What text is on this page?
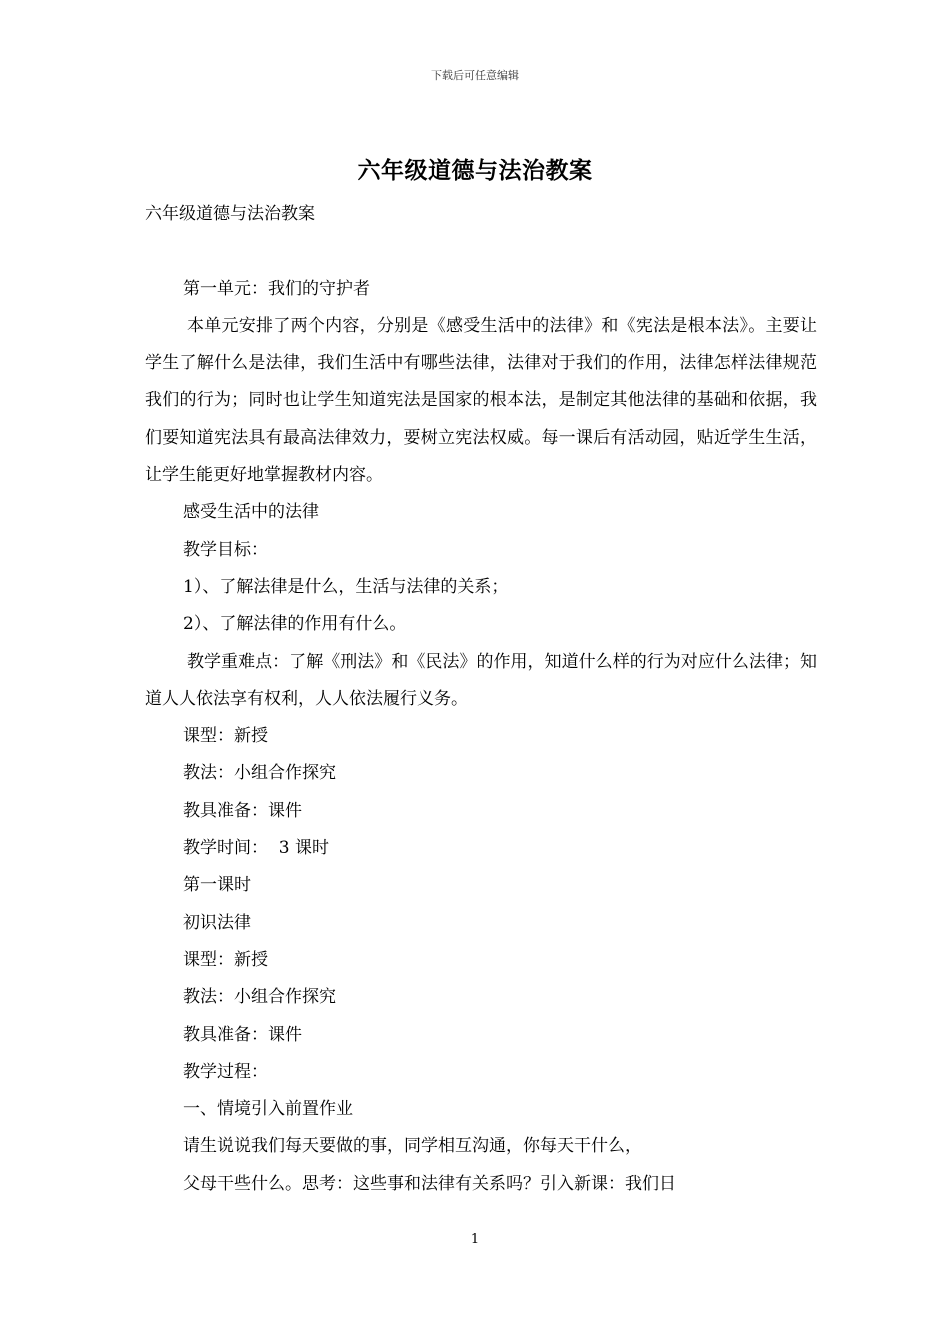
下载后可任意编辑
六年级道德与法治教案
六年级道德与法治教案
第一单元：我们的守护者
本单元安排了两个内容，分别是《感受生活中的法律》和《宪法是根本法》。主要让学生了解什么是法律，我们生活中有哪些法律，法律对于我们的作用，法律怎样法律规范我们的行为；同时也让学生知道宪法是国家的根本法，是制定其他法律的基础和依据，我们要知道宪法具有最高法律效力，要树立宪法权威。每一课后有活动园，贴近学生生活，让学生能更好地掌握教材内容。
感受生活中的法律
教学目标：
1）、了解法律是什么，生活与法律的关系；
2）、了解法律的作用有什么。
教学重难点：了解《刑法》和《民法》的作用，知道什么样的行为对应什么法律；知道人人依法享有权利，人人依法履行义务。
课型：新授
教法：小组合作探究
教具准备：课件
教学时间：  3 课时
第一课时
初识法律
课型：新授
教法：小组合作探究
教具准备：课件
教学过程：
一、情境引入前置作业
请生说说我们每天要做的事，同学相互沟通，你每天干什么，
父母干些什么。思考：这些事和法律有关系吗？引入新课：我们日
1
